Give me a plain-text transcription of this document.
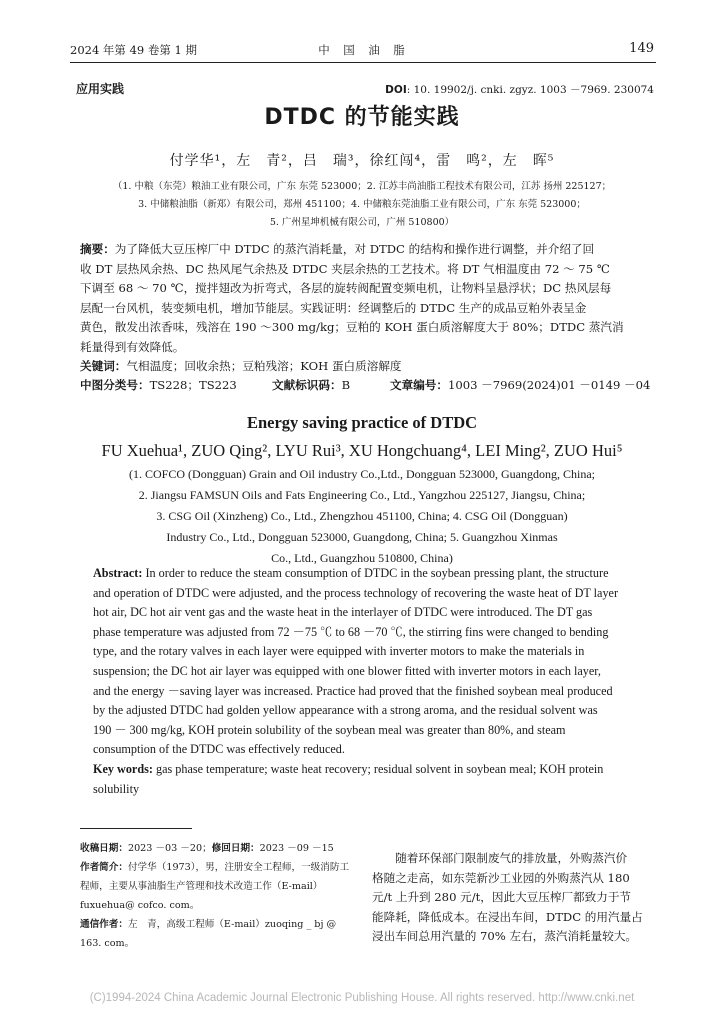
2024 年第 49 卷第 1 期	中　国　油　脂	149
应用实践	DOI: 10. 19902/j. cnki. zgyz. 1003 －7969. 230074
DTDC 的节能实践
付学华¹，左　青²，吕　瑞³，徐红闯⁴，雷　鸣²，左　晖⁵
（1. 中粮（东莞）粮油工业有限公司，广东 东莞 523000；2. 江苏丰尚油脂工程技术有限公司，江苏 扬州 225127；
3. 中储粮油脂（新郑）有限公司，郑州 451100；4. 中储粮东莞油脂工业有限公司，广东 东莞 523000；
5. 广州星坤机械有限公司，广州 510800）
摘要：为了降低大豆压榨厂中 DTDC 的蒸汽消耗量，对 DTDC 的结构和操作进行调整，并介绍了回
收 DT 层热风余热、DC 热风尾气余热及 DTDC 夹层余热的工艺技术。将 DT 气相温度由 72 ～ 75 ℃
下调至 68 ～ 70 ℃，搅拌翅改为折弯式，各层的旋转阀配置变频电机，让物料呈悬浮状；DC 热风层每
层配一台风机，装变频电机，增加节能层。实践证明：经调整后的 DTDC 生产的成品豆粕外表呈金
黄色，散发出浓香味，残溶在 190 ～300 mg/kg；豆粕的 KOH 蛋白质溶解度大于 80%；DTDC 蒸汽消
耗量得到有效降低。
关键词：气相温度；回收余热；豆粕残溶；KOH 蛋白质溶解度
中图分类号：TS228；TS223	文献标识码：B	文章编号：1003 －7969(2024)01 －0149 －04
Energy saving practice of DTDC
FU Xuehua¹, ZUO Qing², LYU Rui³, XU Hongchuang⁴, LEI Ming², ZUO Hui⁵
(1. COFCO (Dongguan) Grain and Oil industry Co.,Ltd., Dongguan 523000, Guangdong, China;
2. Jiangsu FAMSUN Oils and Fats Engineering Co., Ltd., Yangzhou 225127, Jiangsu, China;
3. CSG Oil (Xinzheng) Co., Ltd., Zhengzhou 451100, China; 4. CSG Oil (Dongguan)
Industry Co., Ltd., Dongguan 523000, Guangdong, China; 5. Guangzhou Xinmas
Co., Ltd., Guangzhou 510800, China)
Abstract: In order to reduce the steam consumption of DTDC in the soybean pressing plant, the structure
and operation of DTDC were adjusted, and the process technology of recovering the waste heat of DT layer
hot air, DC hot air vent gas and the waste heat in the interlayer of DTDC were introduced. The DT gas
phase temperature was adjusted from 72 －75 ℃ to 68 －70 ℃, the stirring fins were changed to bending
type, and the rotary valves in each layer were equipped with inverter motors to make the materials in
suspension; the DC hot air layer was equipped with one blower fitted with inverter motors in each layer,
and the energy －saving layer was increased. Practice had proved that the finished soybean meal produced
by the adjusted DTDC had golden yellow appearance with a strong aroma, and the residual solvent was
190 － 300 mg/kg, KOH protein solubility of the soybean meal was greater than 80%, and steam
consumption of the DTDC was effectively reduced.
Key words: gas phase temperature; waste heat recovery; residual solvent in soybean meal; KOH protein
solubility
收稿日期：2023 －03 －20；修回日期：2023 －09 －15
作者简介：付学华（1973），男，注册安全工程师，一级消防工
程师，主要从事油脂生产管理和技术改造工作（E-mail）
fuxuehua@ cofco. com。
通信作者：左　青，高级工程师（E-mail）zuoqing _ bj @
163. com。
随着环保部门限制废气的排放量，外购蒸汽价
格随之走高，如东莞新沙工业园的外购蒸汽从 180
元/t 上升到 280 元/t，因此大豆压榨厂都致力于节
能降耗，降低成本。在浸出车间，DTDC 的用汽量占
浸出车间总用汽量的 70% 左右，蒸汽消耗量较大。
(C)1994-2024 China Academic Journal Electronic Publishing House. All rights reserved. http://www.cnki.net
